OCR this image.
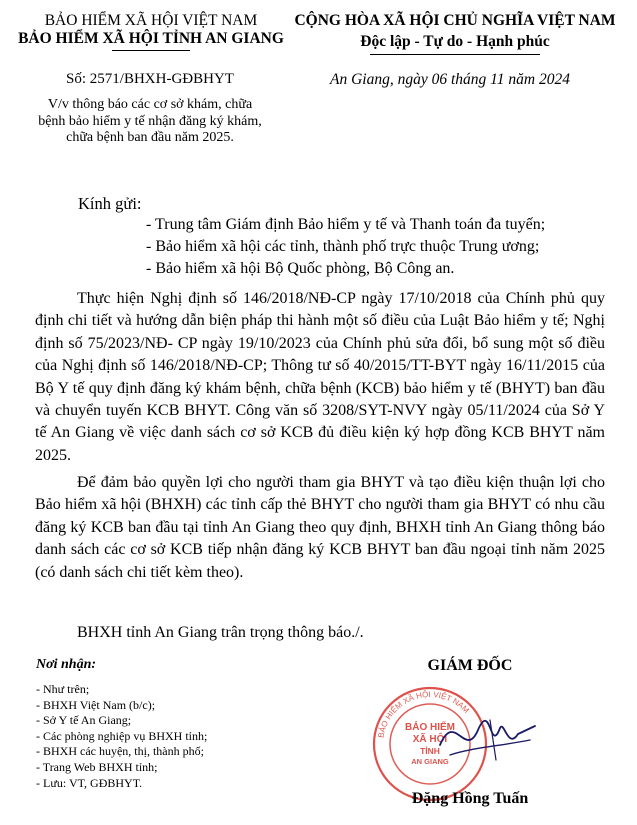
BẢO HIỂM XÃ HỘI VIỆT NAM
BẢO HIỂM XÃ HỘI TỈNH AN GIANG
CỘNG HÒA XÃ HỘI CHỦ NGHĨA VIỆT NAM
Độc lập - Tự do - Hạnh phúc
Số: 2571/BHXH-GĐBHYT	An Giang, ngày 06 tháng 11 năm 2024
V/v thông báo các cơ sở khám, chữa
bệnh bảo hiểm y tế nhận đăng ký khám,
chữa bệnh ban đầu năm 2025.
Kính gửi:
- Trung tâm Giám định Bảo hiểm y tế và Thanh toán đa tuyến;
- Bảo hiểm xã hội các tỉnh, thành phố trực thuộc Trung ương;
- Bảo hiểm xã hội Bộ Quốc phòng, Bộ Công an.
Thực hiện Nghị định số 146/2018/NĐ-CP ngày 17/10/2018 của Chính phủ quy định chi tiết và hướng dẫn biện pháp thi hành một số điều của Luật Bảo hiểm y tế; Nghị định số 75/2023/NĐ- CP ngày 19/10/2023 của Chính phủ sửa đổi, bổ sung một số điều của Nghị định số 146/2018/NĐ-CP; Thông tư số 40/2015/TT-BYT ngày 16/11/2015 của Bộ Y tế quy định đăng ký khám bệnh, chữa bệnh (KCB) bảo hiểm y tế (BHYT) ban đầu và chuyển tuyến KCB BHYT. Công văn số 3208/SYT-NVY ngày 05/11/2024 của Sở Y tế An Giang về việc danh sách cơ sở KCB đủ điều kiện ký hợp đồng KCB BHYT năm 2025.
Để đảm bảo quyền lợi cho người tham gia BHYT và tạo điều kiện thuận lợi cho Bảo hiểm xã hội (BHXH) các tỉnh cấp thẻ BHYT cho người tham gia BHYT có nhu cầu đăng ký KCB ban đầu tại tỉnh An Giang theo quy định, BHXH tỉnh An Giang thông báo danh sách các cơ sở KCB tiếp nhận đăng ký KCB BHYT ban đầu ngoại tỉnh năm 2025 (có danh sách chi tiết kèm theo).
BHXH tỉnh An Giang trân trọng thông báo./.
Nơi nhận:
- Như trên;
- BHXH Việt Nam (b/c);
- Sở Y tế An Giang;
- Các phòng nghiệp vụ BHXH tỉnh;
- BHXH các huyện, thị, thành phố;
- Trang Web BHXH tỉnh;
- Lưu: VT, GĐBHYT.
GIÁM ĐỐC
BẢO HIỂM XÃ HỘI VIỆT NAM
BẢO HIỂM
XÃ HỘI
TỈNH
AN GIANG
Đặng Hồng Tuấn
